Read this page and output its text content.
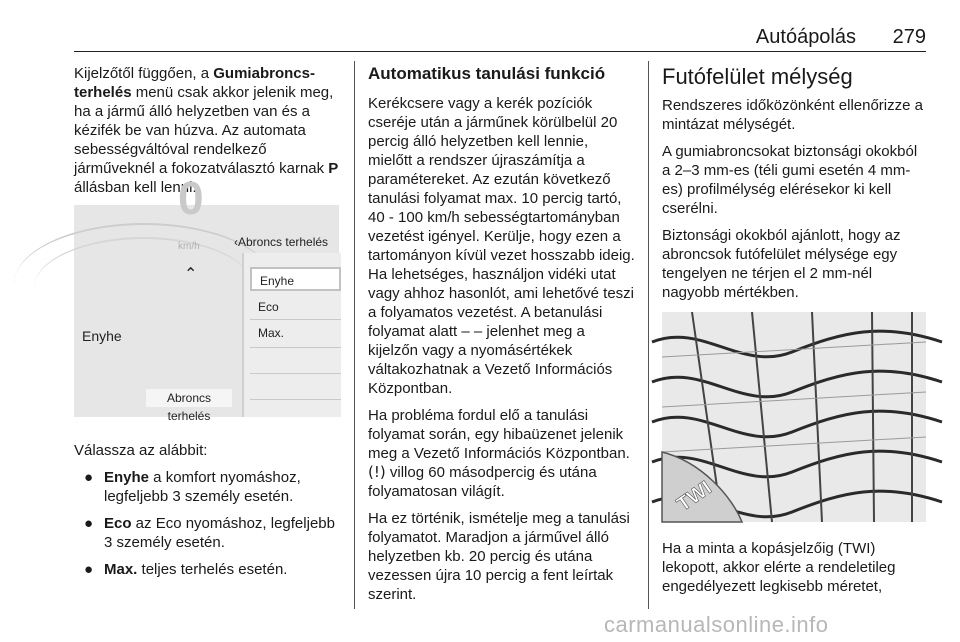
Autóápolás 279

Kijelzőtől függően, a Gumiabroncs-terhelés menü csak akkor jelenik meg, ha a jármű álló helyzetben van és a kézifék be van húzva. Az automata sebességváltóval rendelkező járműveknél a fokozatválasztó karnak P állásban kell lenni.

0
km/h	‹Abroncs terhelés
⌃
Enyhe
Enyhe
Eco
Max.
Abroncs terhelés

Válassza az alábbit:

● Enyhe a komfort nyomáshoz, legfeljebb 3 személy esetén.
● Eco az Eco nyomáshoz, legfeljebb 3 személy esetén.
● Max. teljes terhelés esetén.
Automatikus tanulási funkció

Kerékcsere vagy a kerék pozíciók cseréje után a járműnek körülbelül 20 percig álló helyzetben kell lennie, mielőtt a rendszer újraszámítja a paramétereket. Az ezután következő tanulási folyamat max. 10 percig tartó, 40 - 100 km/h sebességtartományban vezetést igényel. Kerülje, hogy ezen a tartományon kívül vezet hosszabb ideig. Ha lehetséges, használjon vidéki utat vagy ahhoz hasonlót, ami lehetővé teszi a folyamatos vezetést. A betanulási folyamat alatt – – jelenhet meg a kijelzőn vagy a nyomásértékek váltakozhatnak a Vezető Információs Központban.

Ha probléma fordul elő a tanulási folyamat során, egy hibaüzenet jelenik meg a Vezető Információs Központban. (!) villog 60 másodpercig és utána folyamatosan világít.

Ha ez történik, ismételje meg a tanulási folyamatot. Maradjon a járművel álló helyzetben kb. 20 percig és utána vezessen újra 10 percig a fent leírtak szerint.

Futófelület mélység

Rendszeres időközönként ellenőrizze a mintázat mélységét.

A gumiabroncsokat biztonsági okokból a 2–3 mm-es (téli gumi esetén 4 mm-es) profilmélység elérésekor ki kell cserélni.

Biztonsági okokból ajánlott, hogy az abroncsok futófelület mélysége egy tengelyen ne térjen el 2 mm-nél nagyobb mértékben.

TWI

Ha a minta a kopásjelzőig (TWI) lekopott, akkor elérte a rendeletileg engedélyezett legkisebb méretet,

carmanualsonline.info
